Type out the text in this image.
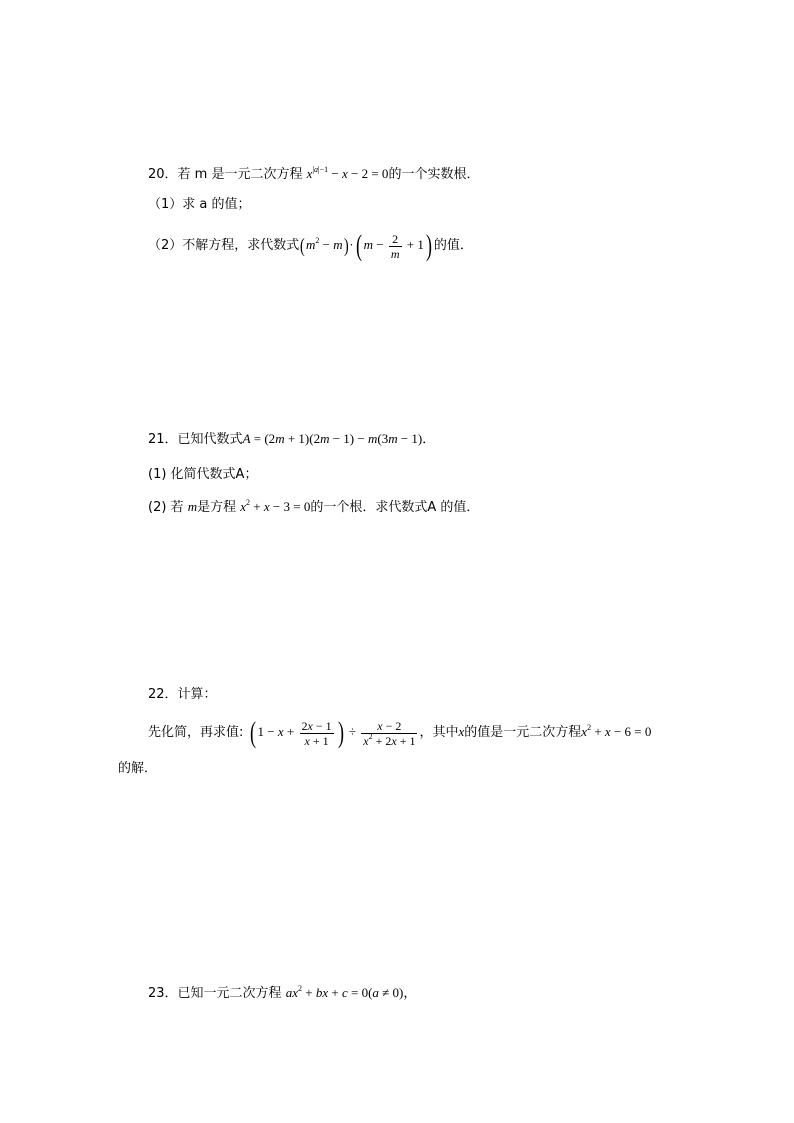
20．若 m 是一元二次方程 $x^{|a|-1} - x - 2 = 0$的一个实数根．
（1）求 a 的值；
（2）不解方程，求代数式$(m^2 - m)\cdot$( $m - \frac{2}{m} + 1$) 的值．
21．已知代数式A = (2m + 1)(2m − 1) − m(3m − 1)．
(1) 化简代数式A；
(2) 若 m是方程 $x^2 + x - 3 = 0$的一个根．求代数式A 的值．
22．计算：
先化简，再求值: ( $1 - x + \frac{2x - 1}{x + 1}$ ) ÷ $\frac{x - 2}{x^2 + 2x + 1}$ ，其中x的值是一元二次方程$x^2 + x - 6 = 0$
的解．
23．已知一元二次方程 $ax^2$ + bx + c = 0(a ≠ 0)，
